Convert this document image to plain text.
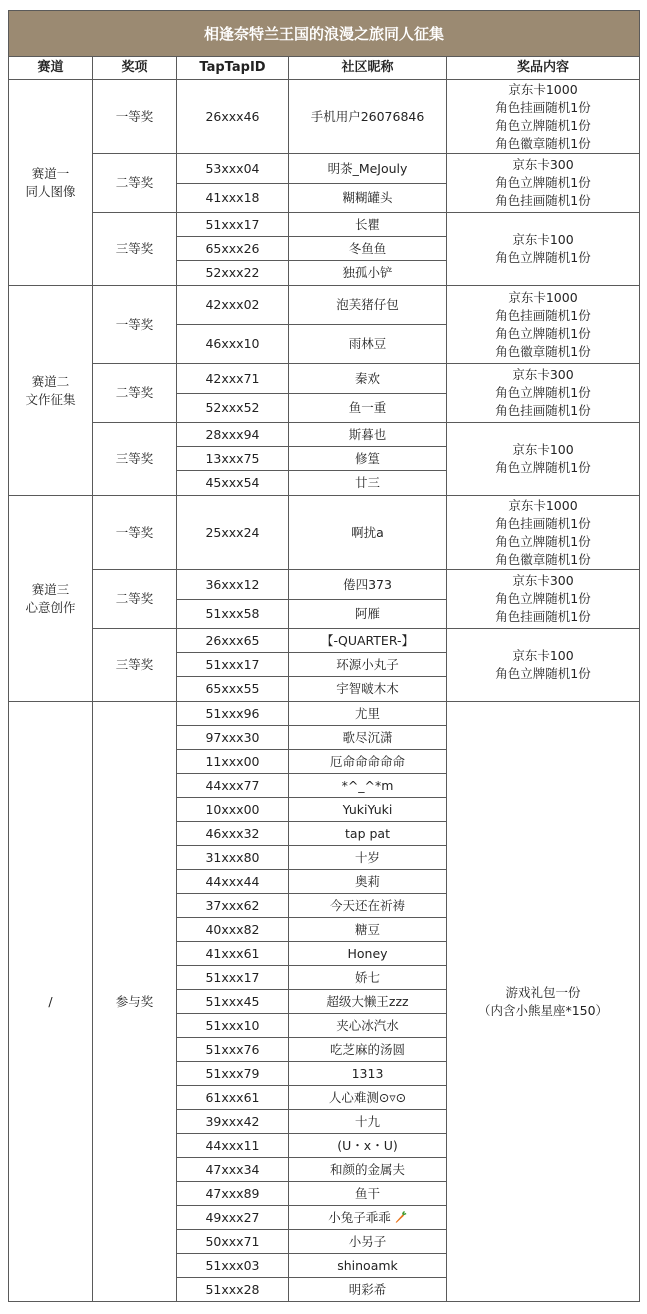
相逢奈特兰王国的浪漫之旅同人征集				
赛道	奖项	TapTapID	社区昵称	奖品内容

赛道一
同人图像	一等奖	26xxx46	手机用户26076846	京东卡1000
角色挂画随机1份
角色立牌随机1份
角色徽章随机1份

	二等奖	53xxx04	明茶_MeJouly	京东卡300
角色立牌随机1份
角色挂画随机1份

		41xxx18	糊糊罐头	
	三等奖	51xxx17	长瞿	京东卡100
角色立牌随机1份

		65xxx26	冬鱼鱼	
		52xxx22	独孤小铲	

赛道二
文作征集	一等奖	42xxx02	泡芙猪仔包	京东卡1000
角色挂画随机1份
角色立牌随机1份
角色徽章随机1份

		46xxx10	雨林豆	
	二等奖	42xxx71	秦欢	京东卡300
角色立牌随机1份
角色挂画随机1份

		52xxx52	鱼一重	
	三等奖	28xxx94	斯暮也	京东卡100
角色立牌随机1份

		13xxx75	修篁	
		45xxx54	廿三	

赛道三
心意创作	一等奖	25xxx24	啊扰a	京东卡1000
角色挂画随机1份
角色立牌随机1份
角色徽章随机1份

	二等奖	36xxx12	倦四373	京东卡300
角色立牌随机1份
角色挂画随机1份

		51xxx58	阿雁	
	三等奖	26xxx65	【-QUARTER-】	京东卡100
角色立牌随机1份

		51xxx17	环源小丸子	
		65xxx55	宇智啵木木	
/	参与奖	51xxx96	尤里	游戏礼包一份
（内含小熊星座*150）

		97xxx30	歌尽沉潇	
		11xxx00	厄命命命命命	
		44xxx77	*^_^*m	
		10xxx00	YukiYuki	
		46xxx32	tap pat	
		31xxx80	十岁	
		44xxx44	奥莉	
		37xxx62	今天还在祈祷	
		40xxx82	糖豆	
		41xxx61	Honey	
		51xxx17	娇七	
		51xxx45	超级大懒王zzz	
		51xxx10	夹心冰汽水	
		51xxx76	吃芝麻的汤圆	
		51xxx79	1313	
		61xxx61	人心难测⊙▿⊙	
		39xxx42	十九	
		44xxx11	(U・x・U)	
		47xxx34	和颜的金属夫	
		47xxx89	鱼干	
		49xxx27	小兔子乖乖	
		50xxx71	小另子	
		51xxx03	shinoamk	
		51xxx28	明彩希	
